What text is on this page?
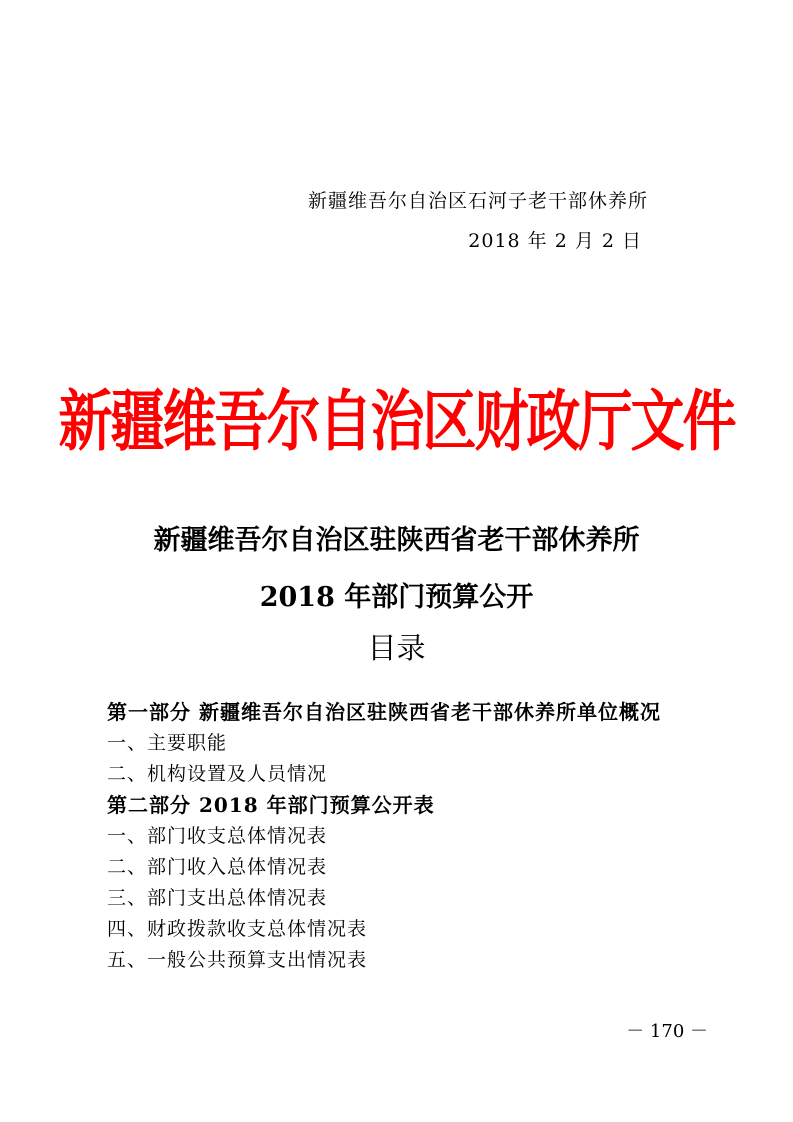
新疆维吾尔自治区石河子老干部休养所
2018 年 2 月 2 日
新疆维吾尔自治区财政厅文件
新疆维吾尔自治区驻陕西省老干部休养所
2018 年部门预算公开
目录
第一部分 新疆维吾尔自治区驻陕西省老干部休养所单位概况
一、主要职能
二、机构设置及人员情况
第二部分 2018 年部门预算公开表
一、部门收支总体情况表
二、部门收入总体情况表
三、部门支出总体情况表
四、财政拨款收支总体情况表
五、一般公共预算支出情况表
－ 170 －
